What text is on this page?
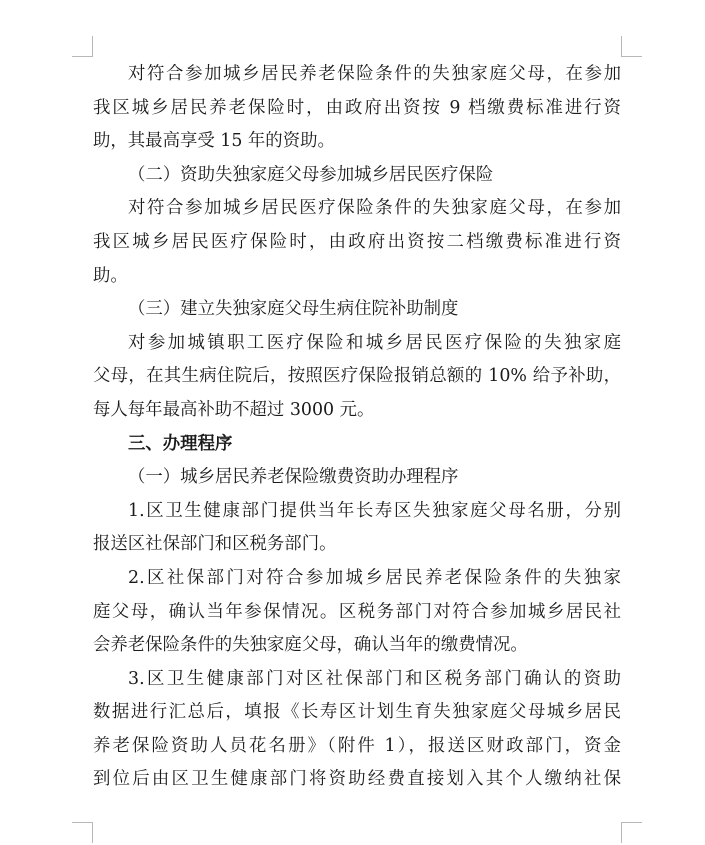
对符合参加城乡居民养老保险条件的失独家庭父母，在参加
我区城乡居民养老保险时，由政府出资按 9 档缴费标准进行资
助，其最高享受 15 年的资助。
（二）资助失独家庭父母参加城乡居民医疗保险
对符合参加城乡居民医疗保险条件的失独家庭父母，在参加
我区城乡居民医疗保险时，由政府出资按二档缴费标准进行资
助。
（三）建立失独家庭父母生病住院补助制度
对参加城镇职工医疗保险和城乡居民医疗保险的失独家庭
父母，在其生病住院后，按照医疗保险报销总额的 10% 给予补助，
每人每年最高补助不超过 3000 元。
三、办理程序
（一）城乡居民养老保险缴费资助办理程序
1.区卫生健康部门提供当年长寿区失独家庭父母名册，分别
报送区社保部门和区税务部门。
2.区社保部门对符合参加城乡居民养老保险条件的失独家
庭父母，确认当年参保情况。区税务部门对符合参加城乡居民社
会养老保险条件的失独家庭父母，确认当年的缴费情况。
3.区卫生健康部门对区社保部门和区税务部门确认的资助
数据进行汇总后，填报《长寿区计划生育失独家庭父母城乡居民
养老保险资助人员花名册》（附件 1），报送区财政部门，资金
到位后由区卫生健康部门将资助经费直接划入其个人缴纳社保
